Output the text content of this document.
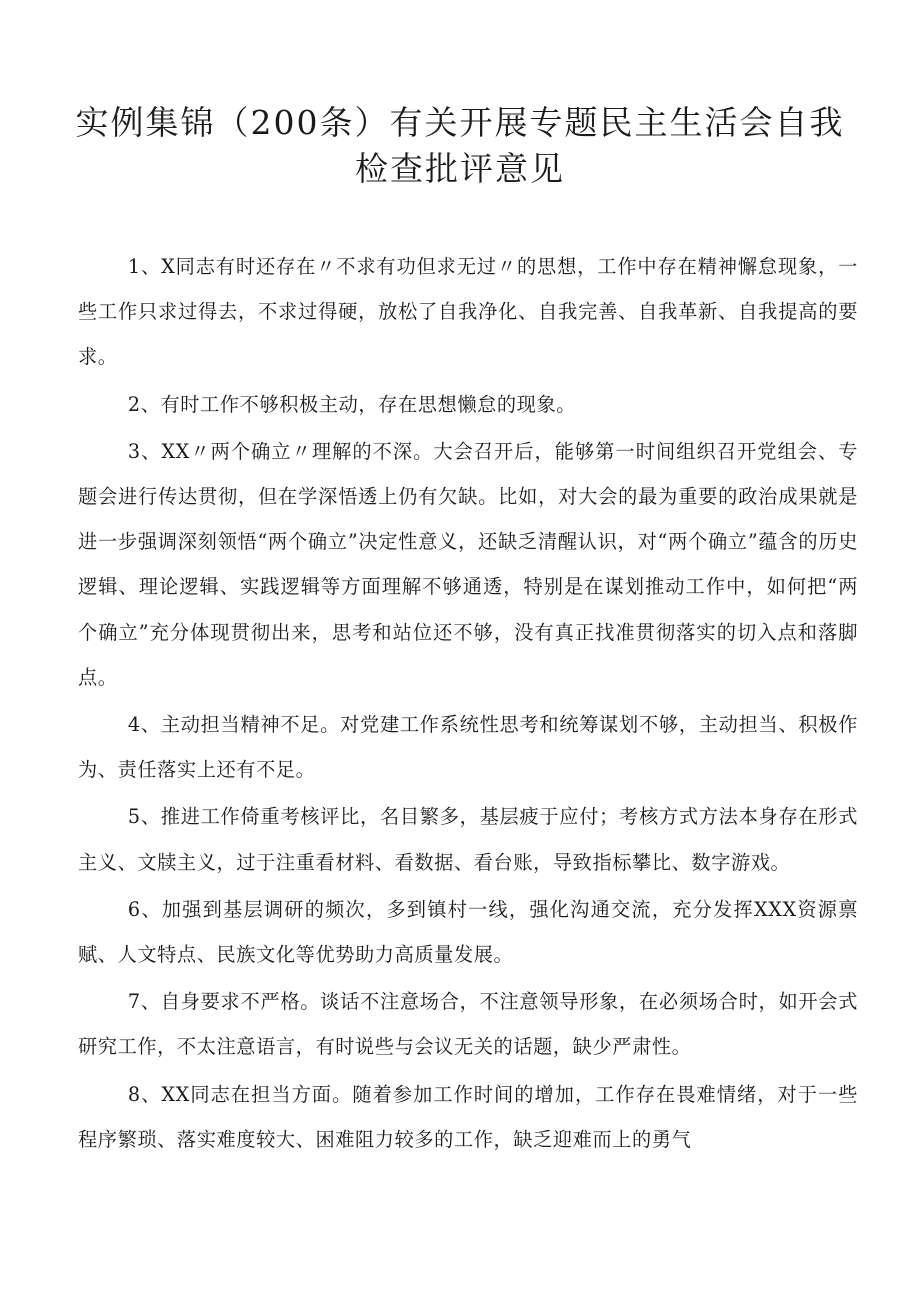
实例集锦（200条）有关开展专题民主生活会自我
检查批评意见

1、X同志有时还存在〃不求有功但求无过〃的思想，工作中存在精神懈怠现象，一些工作只求过得去，不求过得硬，放松了自我净化、自我完善、自我革新、自我提高的要求。

2、有时工作不够积极主动，存在思想懒怠的现象。

3、XX〃两个确立〃理解的不深。大会召开后，能够第一时间组织召开党组会、专题会进行传达贯彻，但在学深悟透上仍有欠缺。比如，对大会的最为重要的政治成果就是进一步强调深刻领悟“两个确立”决定性意义，还缺乏清醒认识，对“两个确立”蕴含的历史逻辑、理论逻辑、实践逻辑等方面理解不够通透，特别是在谋划推动工作中，如何把“两个确立”充分体现贯彻出来，思考和站位还不够，没有真正找准贯彻落实的切入点和落脚点。

4、主动担当精神不足。对党建工作系统性思考和统筹谋划不够，主动担当、积极作为、责任落实上还有不足。

5、推进工作倚重考核评比，名目繁多，基层疲于应付；考核方式方法本身存在形式主义、文牍主义，过于注重看材料、看数据、看台账，导致指标攀比、数字游戏。

6、加强到基层调研的频次，多到镇村一线，强化沟通交流，充分发挥XXX资源禀赋、人文特点、民族文化等优势助力高质量发展。

7、自身要求不严格。谈话不注意场合，不注意领导形象，在必须场合时，如开会式研究工作，不太注意语言，有时说些与会议无关的话题，缺少严肃性。

8、XX同志在担当方面。随着参加工作时间的增加，工作存在畏难情绪，对于一些程序繁琐、落实难度较大、困难阻力较多的工作，缺乏迎难而上的勇气
